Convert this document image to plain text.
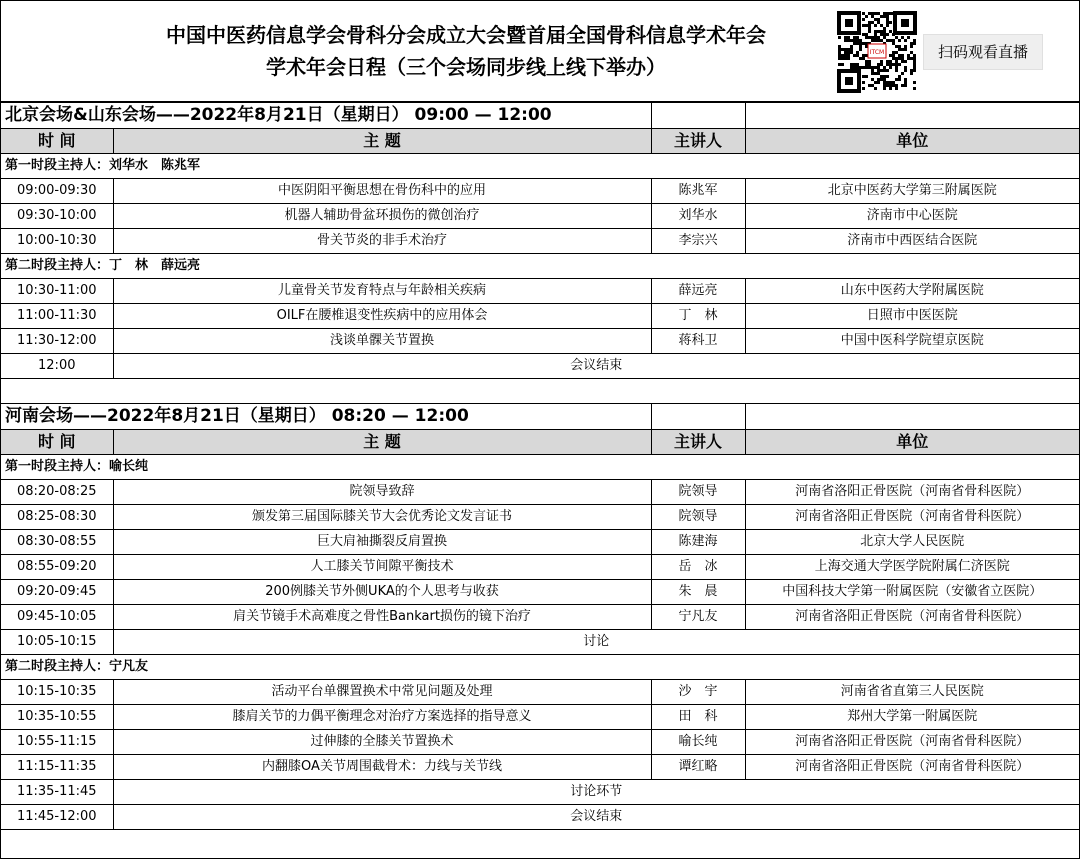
中国中医药信息学会骨科分会成立大会暨首届全国骨科信息学术年会
学术年会日程（三个会场同步线上线下举办）
ITCM	扫码观看直播
北京会场&山东会场——2022年8月21日（星期日） 09:00 — 12:00			
时 间	主 题	主讲人	单位
第一时段主持人：刘华水　陈兆军			
09:00-09:30	中医阴阳平衡思想在骨伤科中的应用	陈兆军	北京中医药大学第三附属医院
09:30-10:00	机器人辅助骨盆环损伤的微创治疗	刘华水	济南市中心医院
10:00-10:30	骨关节炎的非手术治疗	李宗兴	济南市中西医结合医院
第二时段主持人：丁　林　薛远亮			
10:30-11:00	儿童骨关节发育特点与年龄相关疾病	薛远亮	山东中医药大学附属医院
11:00-11:30	OILF在腰椎退变性疾病中的应用体会	丁　林	日照市中医医院
11:30-12:00	浅谈单髁关节置换	蒋科卫	中国中医科学院望京医院
12:00	会议结束		

河南会场——2022年8月21日（星期日） 08:20 — 12:00			
时 间	主 题	主讲人	单位
第一时段主持人：喻长纯			
08:20-08:25	院领导致辞	院领导	河南省洛阳正骨医院（河南省骨科医院）
08:25-08:30	颁发第三届国际膝关节大会优秀论文发言证书	院领导	河南省洛阳正骨医院（河南省骨科医院）
08:30-08:55	巨大肩袖撕裂反肩置换	陈建海	北京大学人民医院
08:55-09:20	人工膝关节间隙平衡技术	岳　冰	上海交通大学医学院附属仁济医院
09:20-09:45	200例膝关节外侧UKA的个人思考与收获	朱　晨	中国科技大学第一附属医院（安徽省立医院）
09:45-10:05	肩关节镜手术高难度之骨性Bankart损伤的镜下治疗	宁凡友	河南省洛阳正骨医院（河南省骨科医院）
10:05-10:15	讨论		
第二时段主持人：宁凡友			
10:15-10:35	活动平台单髁置换术中常见问题及处理	沙　宇	河南省省直第三人民医院
10:35-10:55	膝肩关节的力偶平衡理念对治疗方案选择的指导意义	田　科	郑州大学第一附属医院
10:55-11:15	过伸膝的全膝关节置换术	喻长纯	河南省洛阳正骨医院（河南省骨科医院）
11:15-11:35	内翻膝OA关节周围截骨术：力线与关节线	谭红略	河南省洛阳正骨医院（河南省骨科医院）
11:35-11:45	讨论环节		
11:45-12:00	会议结束		
